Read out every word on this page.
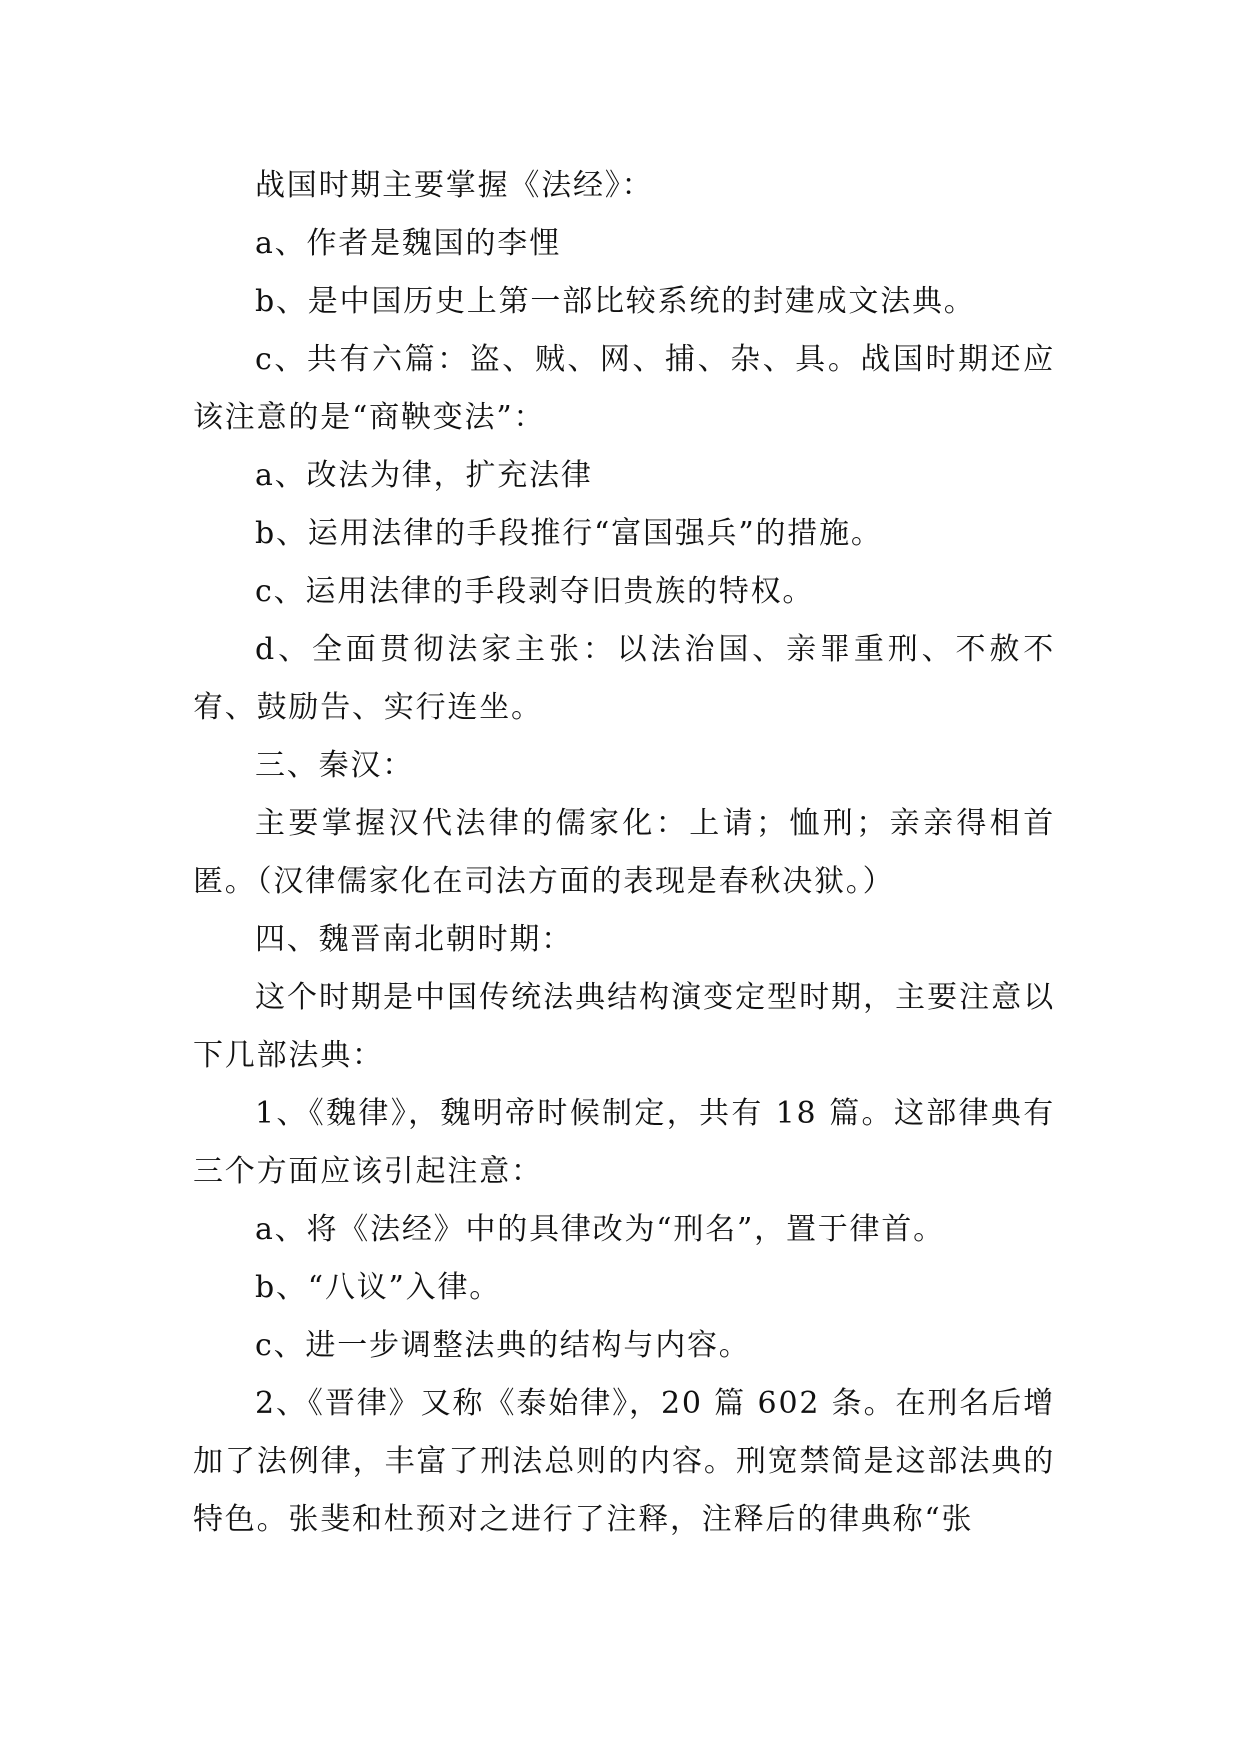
战国时期主要掌握《法经》：

a、作者是魏国的李悝

b、是中国历史上第一部比较系统的封建成文法典。

c、共有六篇：盗、贼、网、捕、杂、具。战国时期还应该注意的是“商鞅变法”：

a、改法为律，扩充法律

b、运用法律的手段推行“富国强兵”的措施。

c、运用法律的手段剥夺旧贵族的特权。

d、全面贯彻法家主张：以法治国、亲罪重刑、不赦不宥、鼓励告、实行连坐。

三、秦汉：

主要掌握汉代法律的儒家化：上请；恤刑；亲亲得相首匿。（汉律儒家化在司法方面的表现是春秋决狱。）

四、魏晋南北朝时期：

这个时期是中国传统法典结构演变定型时期，主要注意以下几部法典：

1、《魏律》，魏明帝时候制定，共有 18 篇。这部律典有三个方面应该引起注意：

a、将《法经》中的具律改为“刑名”，置于律首。

b、“八议”入律。

c、进一步调整法典的结构与内容。

2、《晋律》又称《泰始律》，20 篇 602 条。在刑名后增加了法例律，丰富了刑法总则的内容。刑宽禁简是这部法典的特色。张斐和杜预对之进行了注释，注释后的律典称“张
